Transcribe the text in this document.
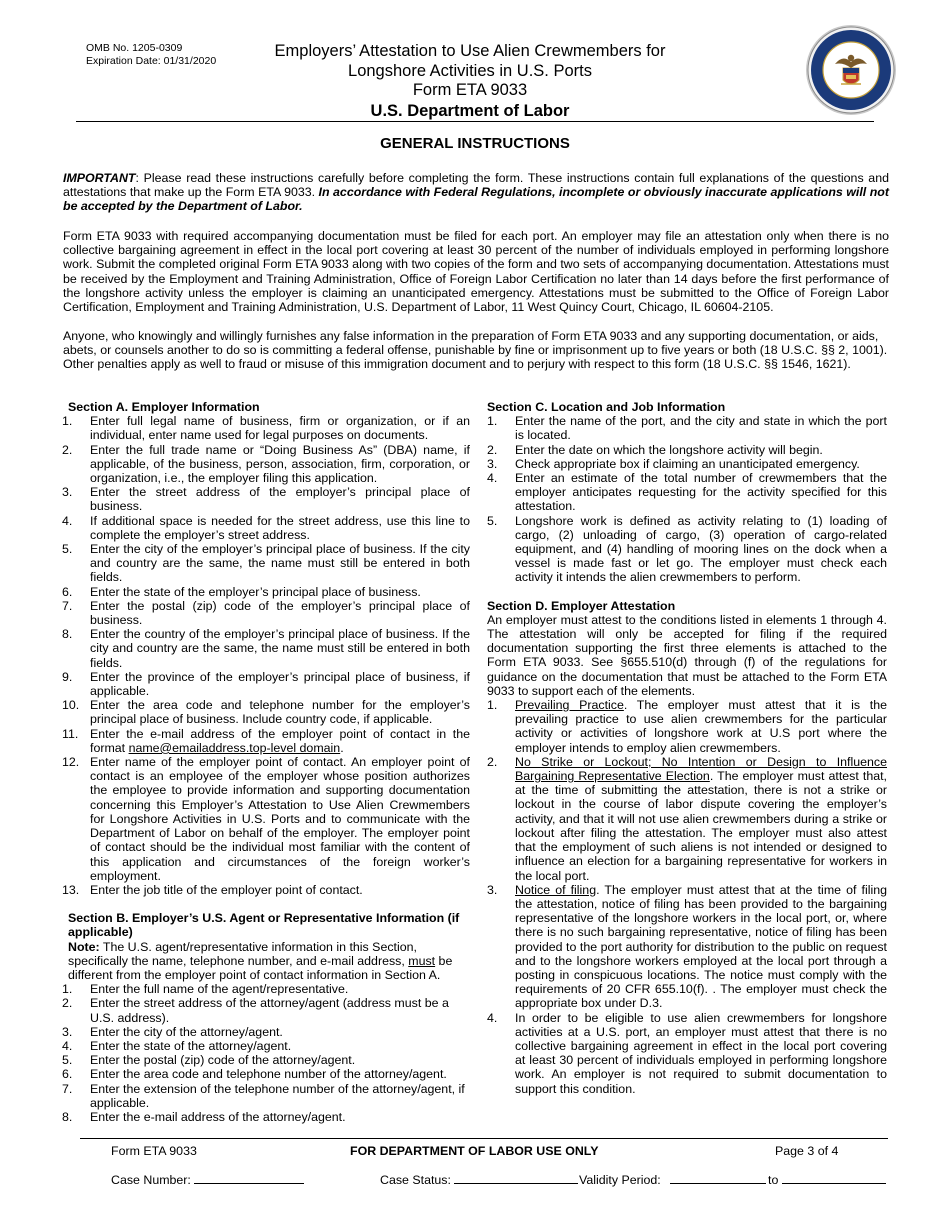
OMB No. 1205-0309
Expiration Date: 01/31/2020
Employers’ Attestation to Use Alien Crewmembers for
Longshore Activities in U.S. Ports
Form ETA 9033
U.S. Department of Labor
GENERAL INSTRUCTIONS
IMPORTANT: Please read these instructions carefully before completing the form. These instructions contain full explanations of the questions and attestations that make up the Form ETA 9033. In accordance with Federal Regulations, incomplete or obviously inaccurate applications will not be accepted by the Department of Labor.
Form ETA 9033 with required accompanying documentation must be filed for each port. An employer may file an attestation only when there is no collective bargaining agreement in effect in the local port covering at least 30 percent of the number of individuals employed in performing longshore work. Submit the completed original Form ETA 9033 along with two copies of the form and two sets of accompanying documentation. Attestations must be received by the Employment and Training Administration, Office of Foreign Labor Certification no later than 14 days before the first performance of the longshore activity unless the employer is claiming an unanticipated emergency. Attestations must be submitted to the Office of Foreign Labor Certification, Employment and Training Administration, U.S. Department of Labor, 11 West Quincy Court, Chicago, IL 60604-2105.
Anyone, who knowingly and willingly furnishes any false information in the preparation of Form ETA 9033 and any supporting documentation, or aids, abets, or counsels another to do so is committing a federal offense, punishable by fine or imprisonment up to five years or both (18 U.S.C. §§ 2, 1001). Other penalties apply as well to fraud or misuse of this immigration document and to perjury with respect to this form (18 U.S.C. §§ 1546, 1621).
Section A. Employer Information
1.	Enter full legal name of business, firm or organization, or if an individual, enter name used for legal purposes on documents.
2.	Enter the full trade name or “Doing Business As” (DBA) name, if applicable, of the business, person, association, firm, corporation, or organization, i.e., the employer filing this application.
3.	Enter the street address of the employer’s principal place of business.
4.	If additional space is needed for the street address, use this line to complete the employer’s street address.
5.	Enter the city of the employer’s principal place of business. If the city and country are the same, the name must still be entered in both fields.
6.	Enter the state of the employer’s principal place of business.
7.	Enter the postal (zip) code of the employer’s principal place of business.
8.	Enter the country of the employer’s principal place of business. If the city and country are the same, the name must still be entered in both fields.
9.	Enter the province of the employer’s principal place of business, if applicable.
10. Enter the area code and telephone number for the employer’s principal place of business. Include country code, if applicable.
11. Enter the e-mail address of the employer point of contact in the format name@emailaddress.top-level domain.
12. Enter name of the employer point of contact. An employer point of contact is an employee of the employer whose position authorizes the employee to provide information and supporting documentation concerning this Employer’s Attestation to Use Alien Crewmembers for Longshore Activities in U.S. Ports and to communicate with the Department of Labor on behalf of the employer. The employer point of contact should be the individual most familiar with the content of this application and circumstances of the foreign worker’s employment.
13. Enter the job title of the employer point of contact.
Section B. Employer’s U.S. Agent or Representative Information (if applicable)
Note: The U.S. agent/representative information in this Section, specifically the name, telephone number, and e-mail address, must be different from the employer point of contact information in Section A.
1.	Enter the full name of the agent/representative.
2.	Enter the street address of the attorney/agent (address must be a U.S. address).
3.	Enter the city of the attorney/agent.
4.	Enter the state of the attorney/agent.
5.	Enter the postal (zip) code of the attorney/agent.
6.	Enter the area code and telephone number of the attorney/agent.
7.	Enter the extension of the telephone number of the attorney/agent, if applicable.
8.	Enter the e-mail address of the attorney/agent.
Section C. Location and Job Information
1.	Enter the name of the port, and the city and state in which the port is located.
2.	Enter the date on which the longshore activity will begin.
3.	Check appropriate box if claiming an unanticipated emergency.
4.	Enter an estimate of the total number of crewmembers that the employer anticipates requesting for the activity specified for this attestation.
5.	Longshore work is defined as activity relating to (1) loading of cargo, (2) unloading of cargo, (3) operation of cargo-related equipment, and (4) handling of mooring lines on the dock when a vessel is made fast or let go. The employer must check each activity it intends the alien crewmembers to perform.
Section D. Employer Attestation
An employer must attest to the conditions listed in elements 1 through 4. The attestation will only be accepted for filing if the required documentation supporting the first three elements is attached to the Form ETA 9033. See §655.510(d) through (f) of the regulations for guidance on the documentation that must be attached to the Form ETA 9033 to support each of the elements.
1.	Prevailing Practice. The employer must attest that it is the prevailing practice to use alien crewmembers for the particular activity or activities of longshore work at U.S port where the employer intends to employ alien crewmembers.
2.	No Strike or Lockout; No Intention or Design to Influence Bargaining Representative Election. The employer must attest that, at the time of submitting the attestation, there is not a strike or lockout in the course of labor dispute covering the employer’s activity, and that it will not use alien crewmembers during a strike or lockout after filing the attestation. The employer must also attest that the employment of such aliens is not intended or designed to influence an election for a bargaining representative for workers in the local port.
3.	Notice of filing. The employer must attest that at the time of filing the attestation, notice of filing has been provided to the bargaining representative of the longshore workers in the local port, or, where there is no such bargaining representative, notice of filing has been provided to the port authority for distribution to the public on request and to the longshore workers employed at the local port through a posting in conspicuous locations. The notice must comply with the requirements of 20 CFR 655.10(f). . The employer must check the appropriate box under D.3.
4.	In order to be eligible to use alien crewmembers for longshore activities at a U.S. port, an employer must attest that there is no collective bargaining agreement in effect in the local port covering at least 30 percent of individuals employed in performing longshore work. An employer is not required to submit documentation to support this condition.
Form ETA 9033	FOR DEPARTMENT OF LABOR USE ONLY	Page 3 of 4
Case Number:	Case Status:	Validity Period:	to
